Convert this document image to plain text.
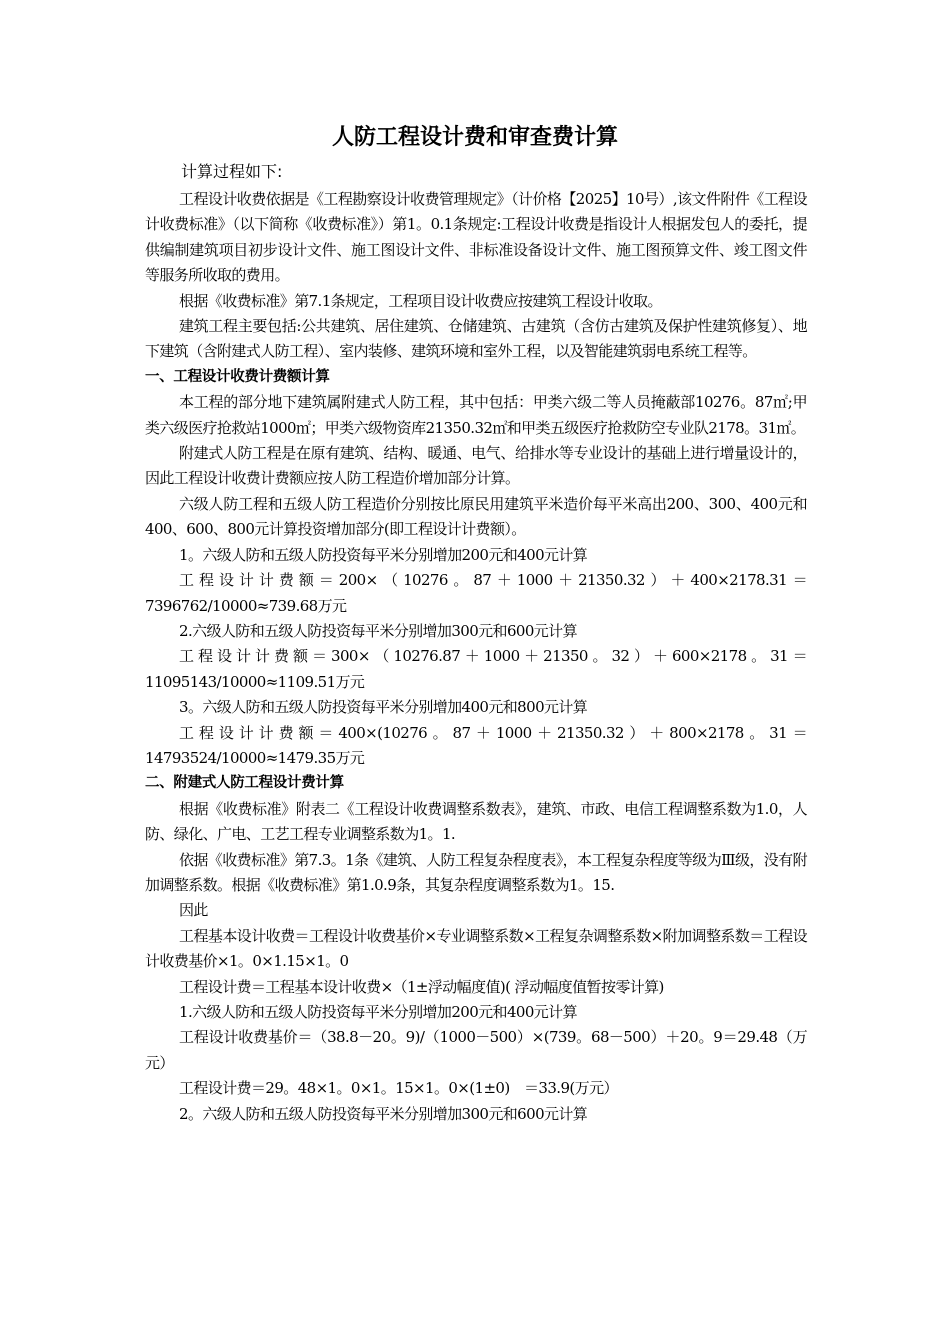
人防工程设计费和审查费计算
计算过程如下:

工程设计收费依据是《工程勘察设计收费管理规定》（计价格【2025】10号）,该文件附件《工程设计收费标准》（以下简称《收费标准》）第1。0.1条规定:工程设计收费是指设计人根据发包人的委托，提供编制建筑项目初步设计文件、施工图设计文件、非标准设备设计文件、施工图预算文件、竣工图文件等服务所收取的费用。

根据《收费标准》第7.1条规定，工程项目设计收费应按建筑工程设计收取。

建筑工程主要包括:公共建筑、居住建筑、仓储建筑、古建筑（含仿古建筑及保护性建筑修复）、地下建筑（含附建式人防工程）、室内装修、建筑环境和室外工程，以及智能建筑弱电系统工程等。

一、工程设计收费计费额计算

本工程的部分地下建筑属附建式人防工程，其中包括：甲类六级二等人员掩蔽部10276。87㎡;甲类六级医疗抢救站1000㎡；甲类六级物资库21350.32㎡和甲类五级医疗抢救防空专业队2178。31㎡。

附建式人防工程是在原有建筑、结构、暖通、电气、给排水等专业设计的基础上进行增量设计的，因此工程设计收费计费额应按人防工程造价增加部分计算。

六级人防工程和五级人防工程造价分别按比原民用建筑平米造价每平米高出200、300、400元和400、600、800元计算投资增加部分(即工程设计计费额）。

1。六级人防和五级人防投资每平米分别增加200元和400元计算

工程设计计费额＝200×（10276。87＋1000＋21350.32）＋400×2178.31＝7396762/10000≈739.68万元

2.六级人防和五级人防投资每平米分别增加300元和600元计算

工程设计计费额＝300×（10276.87＋1000＋21350。32）＋600×2178。31＝11095143/10000≈1109.51万元

3。六级人防和五级人防投资每平米分别增加400元和800元计算

工程设计计费额＝400×(10276。87＋1000＋21350.32）＋800×2178。31＝14793524/10000≈1479.35万元

二、附建式人防工程设计费计算

根据《收费标准》附表二《工程设计收费调整系数表》，建筑、市政、电信工程调整系数为1.0，人防、绿化、广电、工艺工程专业调整系数为1。1.

依据《收费标准》第7.3。1条《建筑、人防工程复杂程度表》，本工程复杂程度等级为Ⅲ级，没有附加调整系数。根据《收费标准》第1.0.9条，其复杂程度调整系数为1。15.

因此

工程基本设计收费＝工程设计收费基价×专业调整系数×工程复杂调整系数×附加调整系数＝工程设计收费基价×1。0×1.15×1。0

工程设计费＝工程基本设计收费×（1±浮动幅度值)( 浮动幅度值暂按零计算)

1.六级人防和五级人防投资每平米分别增加200元和400元计算

工程设计收费基价＝（38.8－20。9)/（1000－500）×(739。68－500）＋20。9＝29.48（万元）

工程设计费＝29。48×1。0×1。15×1。0×(1±0)　＝33.9(万元）

2。六级人防和五级人防投资每平米分别增加300元和600元计算
